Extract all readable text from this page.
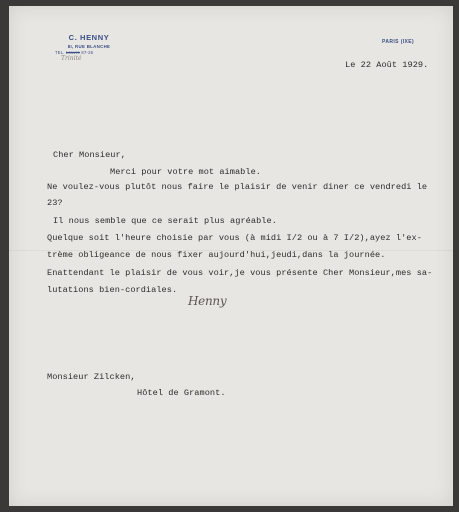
C. HENNY
8I, RUE BLANCHE
TEL. Louvre 87-26
Trinité
PARIS (IXE)
Le 22 Août 1929.
Cher Monsieur,
Merci pour votre mot aimable.
Ne voulez-vous plutôt nous faire le plaisir de venir diner ce vendredi le
23?
Il nous semble que ce serait plus agréable.
Quelque soit l'heure choisie par vous (à midi I/2 ou à 7 I/2),ayez l'ex-
trème obligeance de nous fixer aujourd'hui,jeudi,dans la journée.
Enattendant le plaisir de vous voir,je vous présente Cher Monsieur,mes sa-
lutations bien-cordiales.
Henny
Monsieur Zilcken,
Hôtel de Gramont.
